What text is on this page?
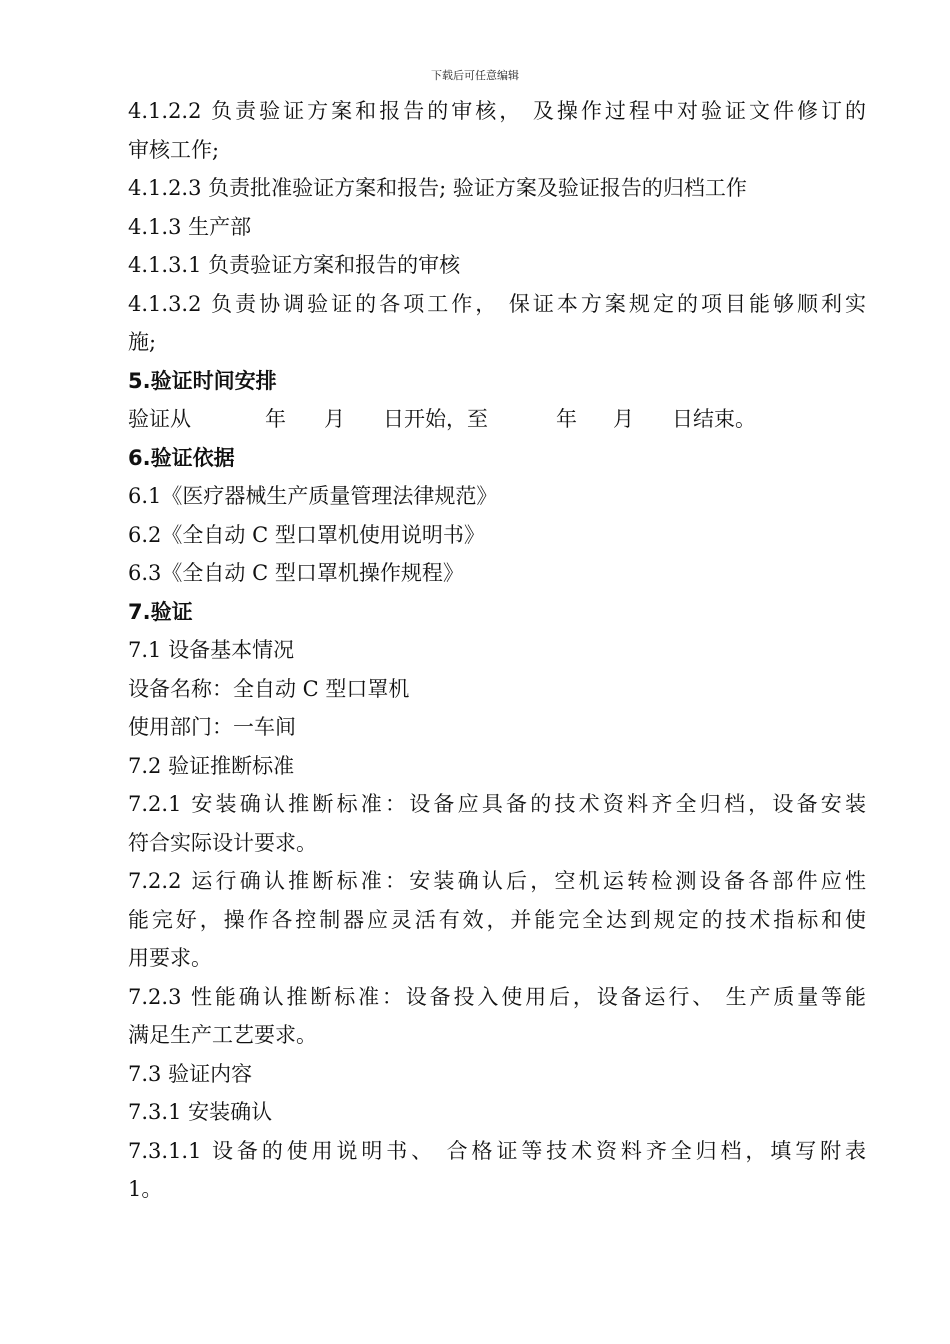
下载后可任意编辑

4.1.2.2 负责验证方案和报告的审核， 及操作过程中对验证文件修订的

审核工作;

4.1.2.3 负责批准验证方案和报告; 验证方案及验证报告的归档工作

4.1.3 生产部

4.1.3.1 负责验证方案和报告的审核

4.1.3.2 负责协调验证的各项工作， 保证本方案规定的项目能够顺利实

施;

5.验证时间安排

验证从	年 月 日开始，至	年 月 日结束。

6.验证依据

6.1《医疗器械生产质量管理法律规范》

6.2《全自动 C 型口罩机使用说明书》

6.3《全自动 C 型口罩机操作规程》

7.验证

7.1 设备基本情况

设备名称：全自动 C 型口罩机

使用部门：一车间

7.2 验证推断标准

7.2.1 安装确认推断标准：设备应具备的技术资料齐全归档，设备安装

符合实际设计要求。

7.2.2 运行确认推断标准：安装确认后，空机运转检测设备各部件应性

能完好，操作各控制器应灵活有效，并能完全达到规定的技术指标和使

用要求。

7.2.3 性能确认推断标准：设备投入使用后，设备运行、 生产质量等能

满足生产工艺要求。

7.3 验证内容

7.3.1 安装确认

7.3.1.1 设备的使用说明书、 合格证等技术资料齐全归档，填写附表

1。
